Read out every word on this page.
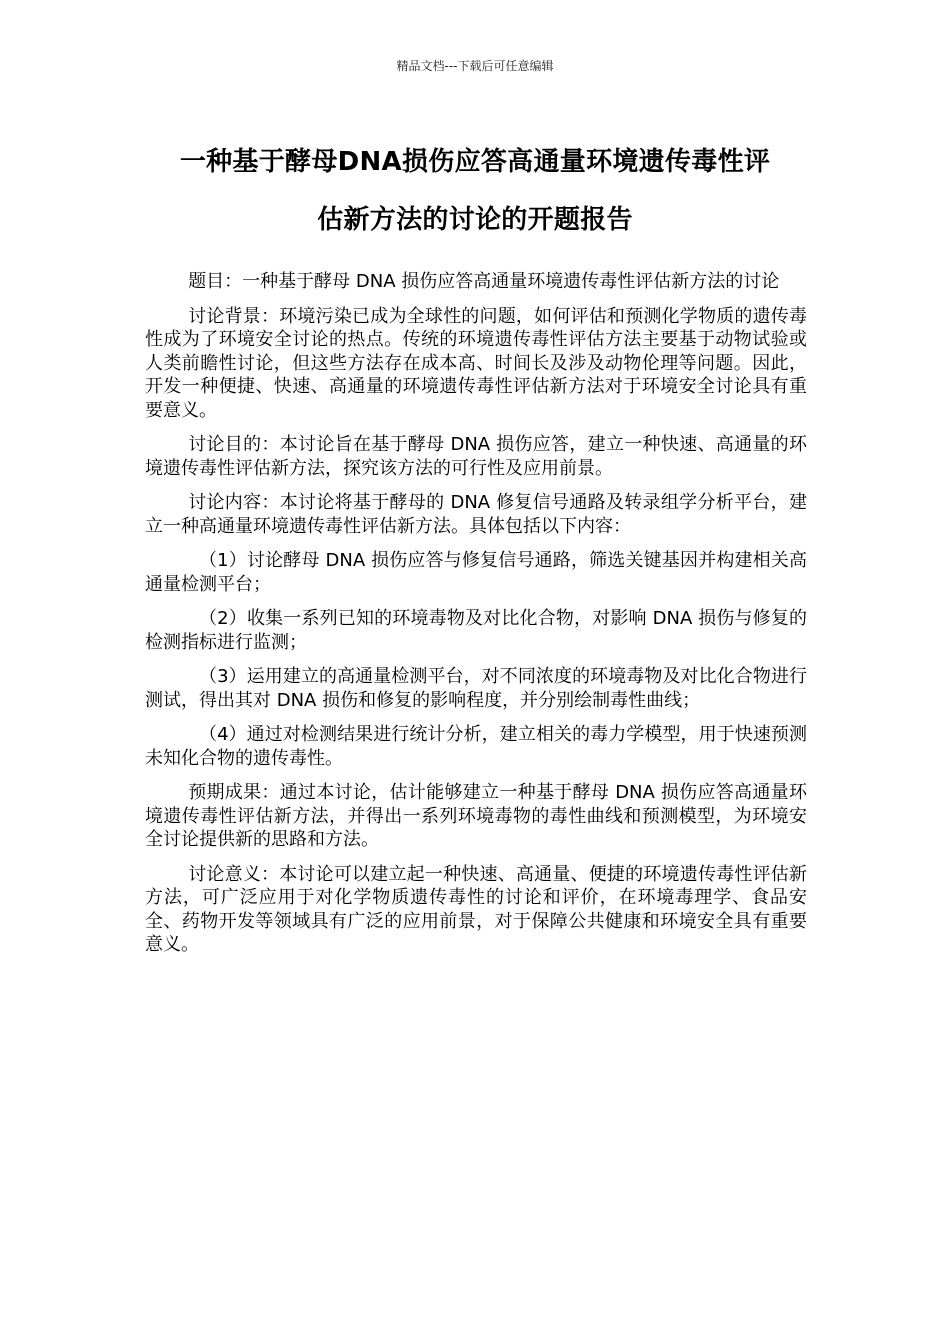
精品文档---下载后可任意编辑
一种基于酵母DNA损伤应答高通量环境遗传毒性评
估新方法的讨论的开题报告

题目：一种基于酵母 DNA 损伤应答高通量环境遗传毒性评估新方法的讨论

讨论背景：环境污染已成为全球性的问题，如何评估和预测化学物质的遗传毒性成为了环境安全讨论的热点。传统的环境遗传毒性评估方法主要基于动物试验或人类前瞻性讨论，但这些方法存在成本高、时间长及涉及动物伦理等问题。因此，开发一种便捷、快速、高通量的环境遗传毒性评估新方法对于环境安全讨论具有重要意义。

讨论目的：本讨论旨在基于酵母 DNA 损伤应答，建立一种快速、高通量的环境遗传毒性评估新方法，探究该方法的可行性及应用前景。

讨论内容：本讨论将基于酵母的 DNA 修复信号通路及转录组学分析平台，建立一种高通量环境遗传毒性评估新方法。具体包括以下内容：

（1）讨论酵母 DNA 损伤应答与修复信号通路，筛选关键基因并构建相关高通量检测平台；

（2）收集一系列已知的环境毒物及对比化合物，对影响 DNA 损伤与修复的检测指标进行监测；

（3）运用建立的高通量检测平台，对不同浓度的环境毒物及对比化合物进行测试，得出其对 DNA 损伤和修复的影响程度，并分别绘制毒性曲线；

（4）通过对检测结果进行统计分析，建立相关的毒力学模型，用于快速预测未知化合物的遗传毒性。

预期成果：通过本讨论，估计能够建立一种基于酵母 DNA 损伤应答高通量环境遗传毒性评估新方法，并得出一系列环境毒物的毒性曲线和预测模型，为环境安全讨论提供新的思路和方法。

讨论意义：本讨论可以建立起一种快速、高通量、便捷的环境遗传毒性评估新方法，可广泛应用于对化学物质遗传毒性的讨论和评价，在环境毒理学、食品安全、药物开发等领域具有广泛的应用前景，对于保障公共健康和环境安全具有重要意义。
